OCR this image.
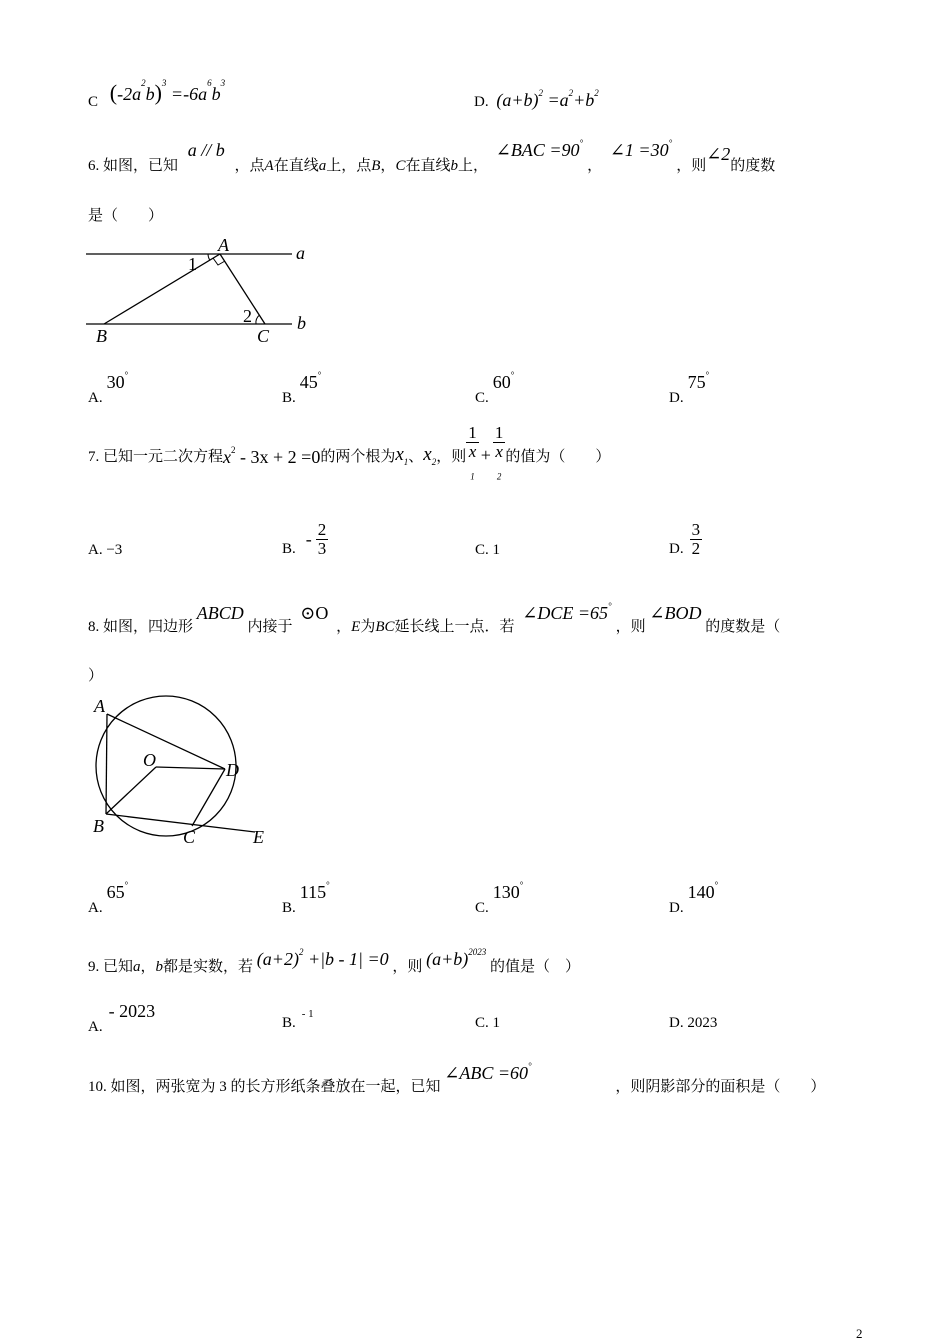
C $(-2a^2b)^3 =-6a^6b^3$
D. $(a+b)^2 =a^2+b^2$
6. 如图，已知 a // b ，点A在直线a上，点B，C在直线b上， ∠BAC =90°， ∠1 =30°，则∠2的度数
是（　　）
A	a
1
2
B	C
b
A.30°
B.45°
C.60°
D.75°
7. 已知一元二次方程 $x^2 - 3x + 2 =0$ 的两个根为 $x_1$ 、 $x_2$ ，则 1
x
$_1$ + 1
x
$_2$ 的值为（　　）
A. −3	B. - $\frac{2}{3}$	C. 1	D. $\frac{3}{2}$
8. 如图，四边形 ABCD 内接于 ⊙O ，E为BC延长线上一点．若 ∠DCE =65°，则 ∠BOD 的度数是（
）
A
O	D
B
C	E
A.65°
B.115°
C.130°
D.140°
9. 已知a，b都是实数，若 $(a+2)^2 +|b - 1| =0$ ，则 $(a+b)^{2023}$ 的值是（　）
A.- 2023
B.$^{- 1}$
C. 1	D. 2023
10. 如图，两张宽为 3 的长方形纸条叠放在一起，已知 ∠ABC =60° ，则阴影部分的面积是（　　）
2
